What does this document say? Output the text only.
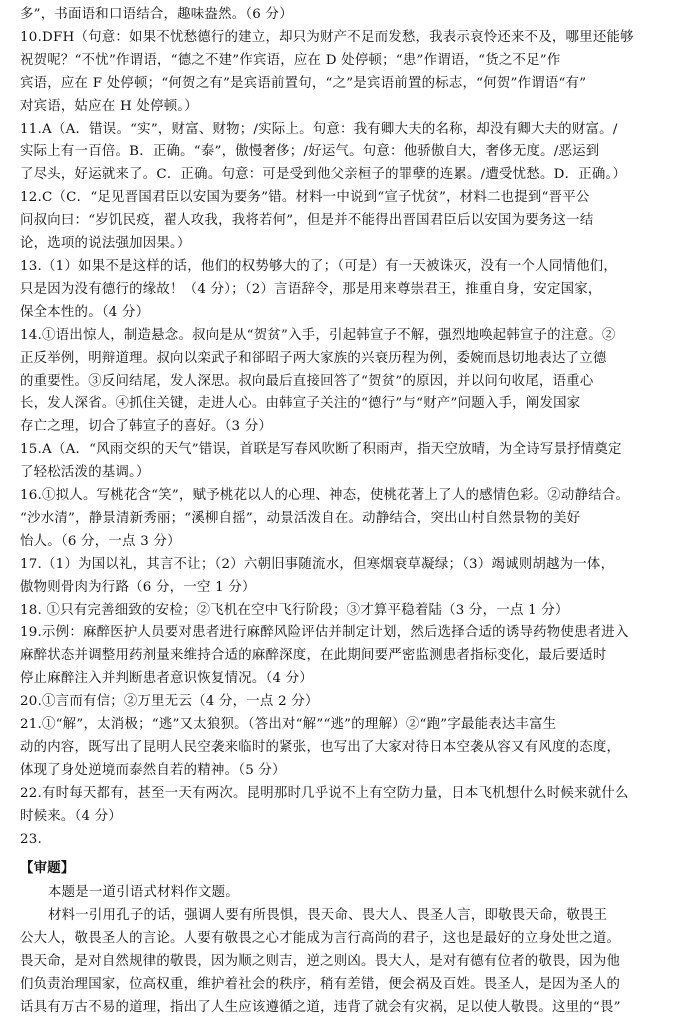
多”，书面语和口语结合，趣味盎然。（6 分）
10.DFH（句意：如果不忧愁德行的建立，却只为财产不足而发愁，我表示哀怜还来不及，哪里还能够
祝贺呢？“不忧”作谓语，“德之不建”作宾语，应在 D 处停顿；“患”作谓语，“货之不足”作
宾语，应在 F 处停顿；“何贺之有”是宾语前置句，“之”是宾语前置的标志，“何贺”作谓语“有”
对宾语，姑应在 H 处停顿。）
11.A（A．错误。“实”，财富、财物；/实际上。句意：我有卿大夫的名称，却没有卿大夫的财富。/
实际上有一百倍。B．正确。“泰”，傲慢奢侈；/好运气。句意：他骄傲自大，奢侈无度。/恶运到
了尽头，好运就来了。C．正确。句意：可是受到他父亲桓子的罪孽的连累。/遭受忧愁。D．正确。）
12.C（C．“足见晋国君臣以安国为要务”错。材料一中说到“宣子忧贫”，材料二也提到“晋平公
问叔向曰：“岁饥民疫，翟人攻我，我将若何”，但是并不能得出晋国君臣后以安国为要务这一结
论，选项的说法强加因果。）
13.（1）如果不是这样的话，他们的权势够大的了；（可是）有一天被诛灭，没有一个人同情他们，
只是因为没有德行的缘故！（4 分）；（2）言语辞令，那是用来尊崇君王，推重自身，安定国家，
保全本性的。（4 分）
14.①语出惊人，制造悬念。叔向是从“贺贫”入手，引起韩宣子不解，强烈地唤起韩宣子的注意。②
正反举例，明辩道理。叔向以栾武子和郤昭子两大家族的兴衰历程为例，委婉而恳切地表达了立德
的重要性。③反问结尾，发人深思。叔向最后直接回答了“贺贫”的原因，并以问句收尾，语重心
长，发人深省。④抓住关键，走进人心。由韩宣子关注的“德行”与“财产”问题入手，阐发国家
存亡之理，切合了韩宣子的喜好。（3 分）
15.A（A．“风雨交织的天气”错误，首联是写春风吹断了积雨声，指天空放晴，为全诗写景抒情奠定
了轻松活泼的基调。）
16.①拟人。写桃花含“笑”，赋予桃花以人的心理、神态，使桃花著上了人的感情色彩。②动静结合。
“沙水清”，静景清新秀丽；“溪柳自摇”，动景活泼自在。动静结合，突出山村自然景物的美好
怡人。（6 分，一点 3 分）
17.（1）为国以礼，其言不让；（2）六朝旧事随流水，但寒烟衰草凝绿；（3）竭诚则胡越为一体，
傲物则骨肉为行路（6 分，一空 1 分）
18. ①只有完善细致的安检；②飞机在空中飞行阶段；③才算平稳着陆（3 分，一点 1 分）
19.示例：麻醉医护人员要对患者进行麻醉风险评估并制定计划，然后选择合适的诱导药物使患者进入
麻醉状态并调整用药剂量来维持合适的麻醉深度，在此期间要严密监测患者指标变化，最后要适时
停止麻醉注入并判断患者意识恢复情况。（4 分）
20.①言而有信；②万里无云（4 分，一点 2 分）
21.①“解”，太消极；“逃”又太狼狈。（答出对“解”“逃”的理解）②“跑”字最能表达丰富生
动的内容，既写出了昆明人民空袭来临时的紧张，也写出了大家对待日本空袭从容又有风度的态度，
体现了身处逆境而泰然自若的精神。（5 分）
22.有时每天都有，甚至一天有两次。昆明那时几乎说不上有空防力量，日本飞机想什么时候来就什么
时候来。（4 分）
23.
【审题】
本题是一道引语式材料作文题。
材料一引用孔子的话，强调人要有所畏惧，畏天命、畏大人、畏圣人言，即敬畏天命，敬畏王
公大人，敬畏圣人的言论。人要有敬畏之心才能成为言行高尚的君子，这也是最好的立身处世之道。
畏天命，是对自然规律的敬畏，因为顺之则吉，逆之则凶。畏大人，是对有德有位者的敬畏，因为他
们负责治理国家，位高权重，维护着社会的秩序，稍有差错，便会祸及百姓。畏圣人，是因为圣人的
话具有万古不易的道理，指出了人生应该遵循之道，违背了就会有灾祸，足以使人敬畏。这里的“畏”
